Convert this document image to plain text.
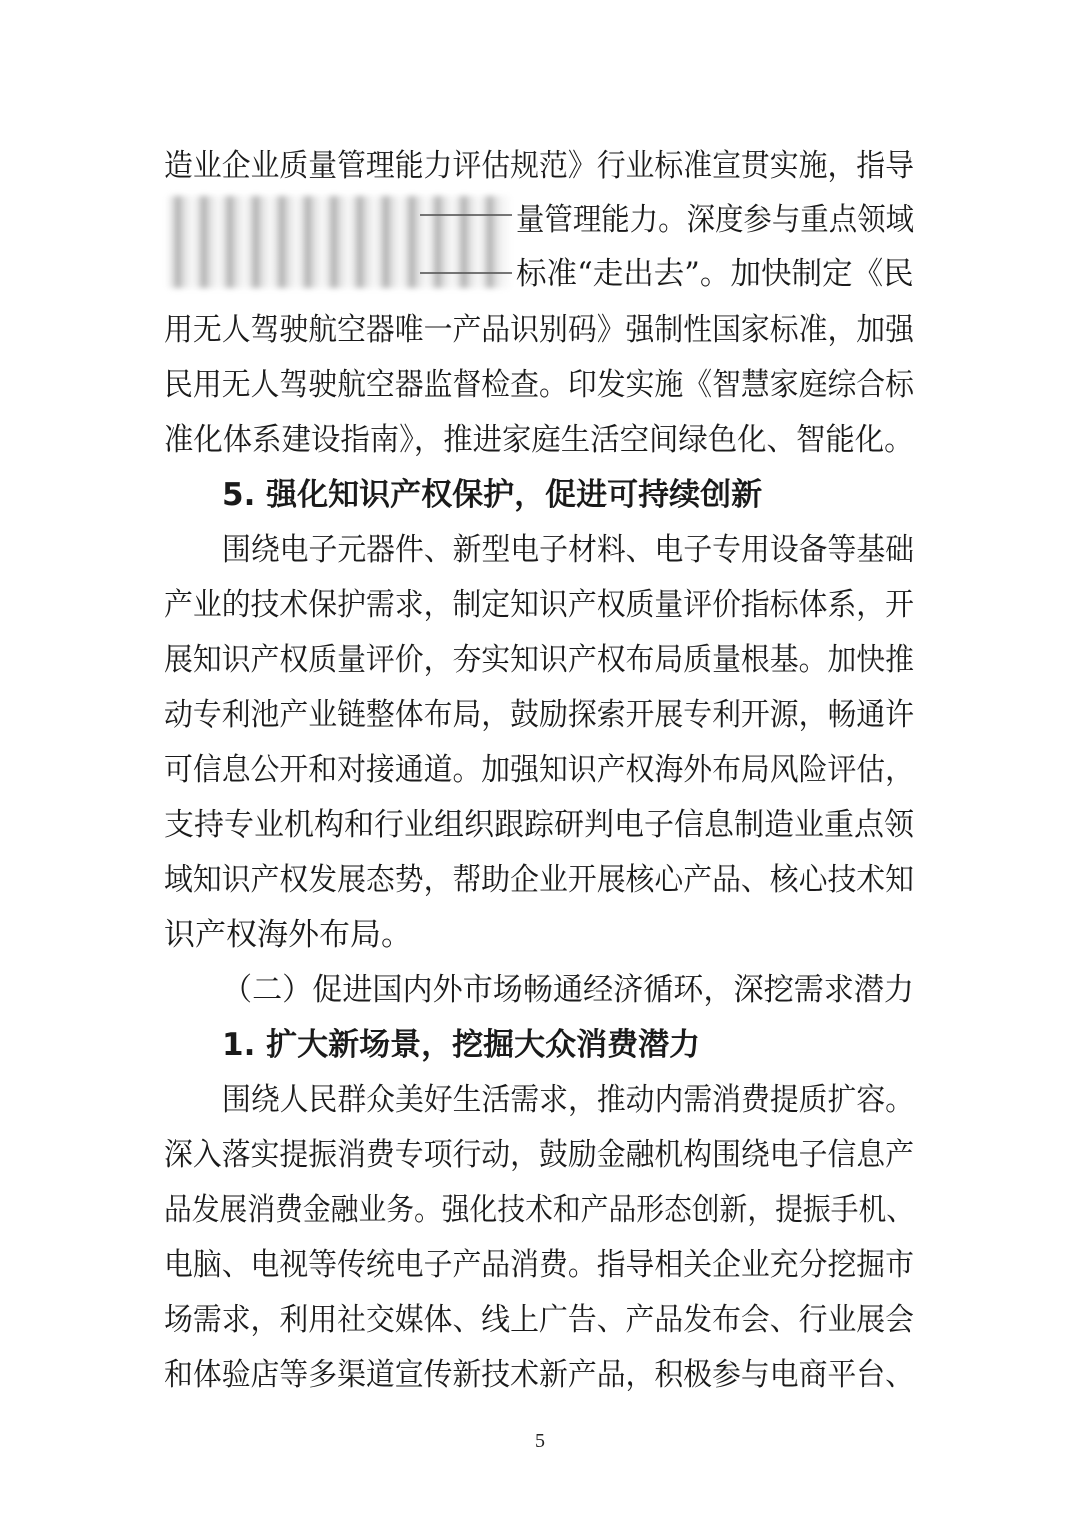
造业企业质量管理能力评估规范》行业标准宣贯实施，指导
量管理能力。深度参与重点领域
标准“走出去”。加快制定《民
用无人驾驶航空器唯一产品识别码》强制性国家标准，加强
民用无人驾驶航空器监督检查。印发实施《智慧家庭综合标
准化体系建设指南》，推进家庭生活空间绿色化、智能化。
5. 强化知识产权保护，促进可持续创新
围绕电子元器件、新型电子材料、电子专用设备等基础
产业的技术保护需求，制定知识产权质量评价指标体系，开
展知识产权质量评价，夯实知识产权布局质量根基。加快推
动专利池产业链整体布局，鼓励探索开展专利开源，畅通许
可信息公开和对接通道。加强知识产权海外布局风险评估，
支持专业机构和行业组织跟踪研判电子信息制造业重点领
域知识产权发展态势，帮助企业开展核心产品、核心技术知
识产权海外布局。
（二）促进国内外市场畅通经济循环，深挖需求潜力
1. 扩大新场景，挖掘大众消费潜力
围绕人民群众美好生活需求，推动内需消费提质扩容。
深入落实提振消费专项行动，鼓励金融机构围绕电子信息产
品发展消费金融业务。强化技术和产品形态创新，提振手机、
电脑、电视等传统电子产品消费。指导相关企业充分挖掘市
场需求，利用社交媒体、线上广告、产品发布会、行业展会
和体验店等多渠道宣传新技术新产品，积极参与电商平台、
5
